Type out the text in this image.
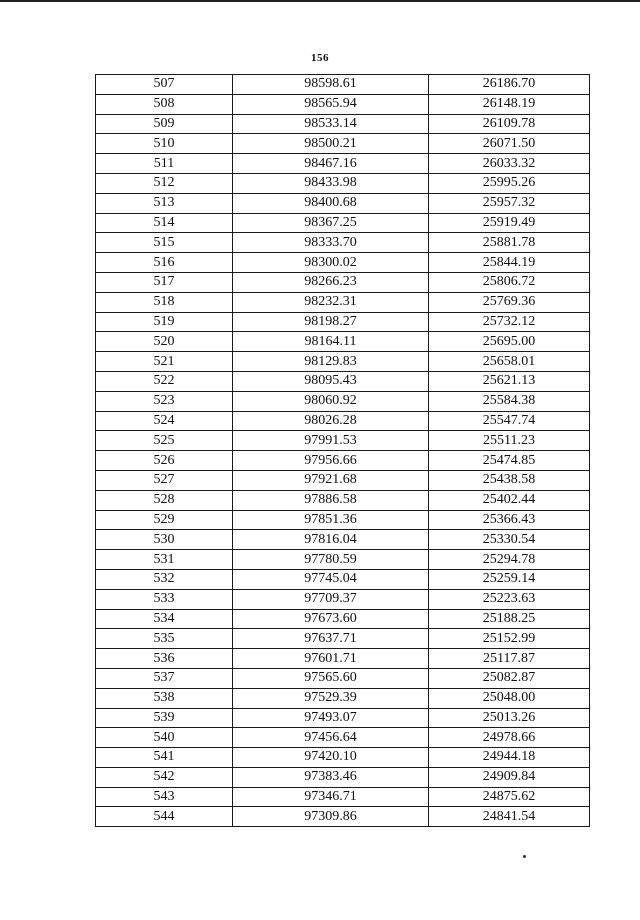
156
507	98598.61	26186.70
508	98565.94	26148.19
509	98533.14	26109.78
510	98500.21	26071.50
511	98467.16	26033.32
512	98433.98	25995.26
513	98400.68	25957.32
514	98367.25	25919.49
515	98333.70	25881.78
516	98300.02	25844.19
517	98266.23	25806.72
518	98232.31	25769.36
519	98198.27	25732.12
520	98164.11	25695.00
521	98129.83	25658.01
522	98095.43	25621.13
523	98060.92	25584.38
524	98026.28	25547.74
525	97991.53	25511.23
526	97956.66	25474.85
527	97921.68	25438.58
528	97886.58	25402.44
529	97851.36	25366.43
530	97816.04	25330.54
531	97780.59	25294.78
532	97745.04	25259.14
533	97709.37	25223.63
534	97673.60	25188.25
535	97637.71	25152.99
536	97601.71	25117.87
537	97565.60	25082.87
538	97529.39	25048.00
539	97493.07	25013.26
540	97456.64	24978.66
541	97420.10	24944.18
542	97383.46	24909.84
543	97346.71	24875.62
544	97309.86	24841.54
